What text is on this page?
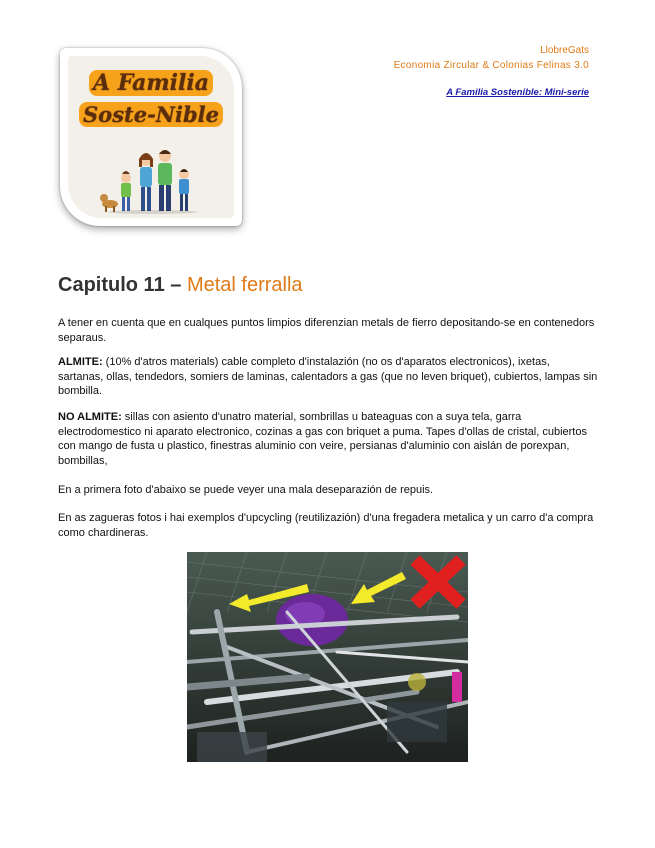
A Familia
Soste-Nible
LlobreGats
Economia Zircular & Colonias Felinas 3.0
A Familia Sostenible: Mini-serie
Capitulo 11 – Metal ferralla
A tener en cuenta que en cualques puntos limpios diferenzian metals de fierro depositando-se en contenedors separaus.
ALMITE: (10% d'atros materials) cable completo d'instalazión (no os d'aparatos electronicos), ixetas, sartanas, ollas, tendedors, somiers de laminas, calentadors a gas (que no leven briquet), cubiertos, lampas sin bombilla.
NO ALMITE: sillas con asiento d'unatro material, sombrillas u bateaguas con a suya tela, garra electrodomestico ni aparato electronico, cozinas a gas con briquet a puma. Tapes d'ollas de cristal, cubiertos con mango de fusta u plastico, finestras aluminio con veire, persianas d'aluminio con aislán de porexpan, bombillas,
En a primera foto d'abaixo se puede veyer una mala deseparazión de repuis.
En as zagueras fotos i hai exemplos d'upcycling (reutilizazión) d'una fregadera metalica y un carro d'a compra como chardineras.
